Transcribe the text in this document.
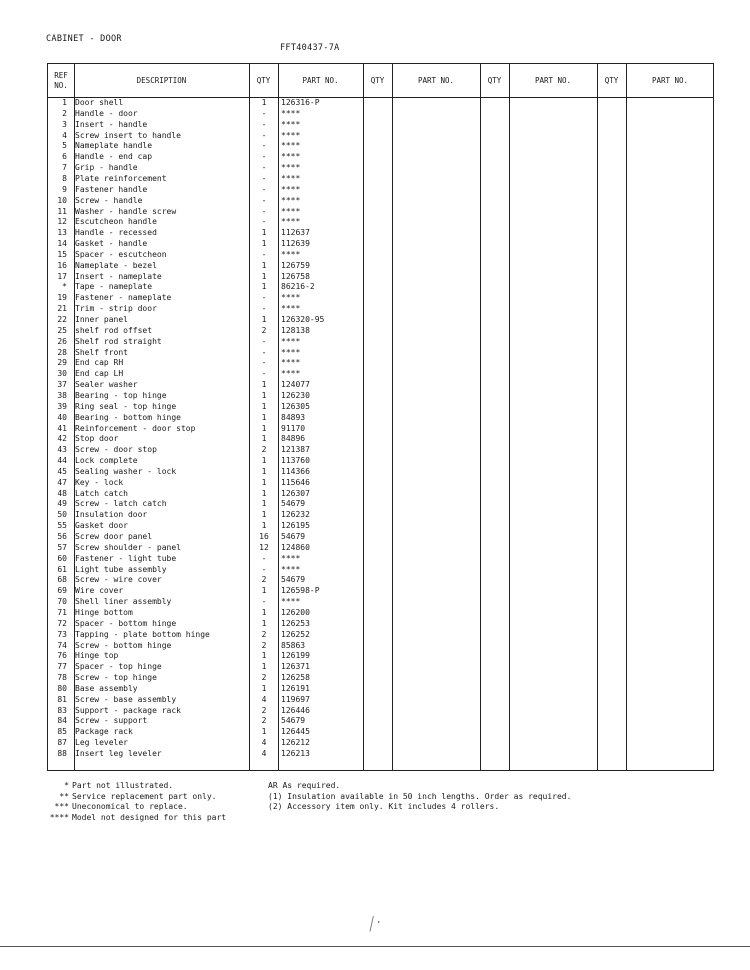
CABINET - DOOR
FFT40437-7A
REF NO.
DESCRIPTION	QTY	PART NO.	QTY	PART NO.	QTY	PART NO.	QTY	PART NO.
1 Door shell	1	126316-P
2 Handle - door	-	****
3 Insert - handle	-	****
4 Screw insert to handle	-	****
5 Nameplate handle	-	****
6 Handle - end cap	-	****
7 Grip - handle	-	****
8 Plate reinforcement	-	****
9 Fastener handle	-	****
10 Screw - handle	-	****
11 Washer - handle screw	-	****
12 Escutcheon handle	-	****
13 Handle - recessed	1	112637
14 Gasket - handle	1	112639
15 Spacer - escutcheon	-	****
16 Nameplate - bezel	1	126759
17 Insert - nameplate	1	126758
* Tape - nameplate	1	86216-2
19 Fastener - nameplate	-	****
21 Trim - strip door	-	****
22 Inner panel	1	126320-95
25 shelf rod offset	2	128138
26 Shelf rod straight	-	****
28 Shelf front	-	****
29 End cap RH	-	****
30 End cap LH	-	****
37 Sealer washer	1	124077
38 Bearing - top hinge	1	126230
39 Ring seal - top hinge	1	126305
40 Bearing - bottom hinge	1	84893
41 Reinforcement - door stop	1	91170
42 Stop door	1	84896
43 Screw - door stop	2	121387
44 Lock complete	1	113760
45 Sealing washer - lock	1	114366
47 Key - lock	1	115646
48 Latch catch	1	126307
49 Screw - latch catch	1	54679
50 Insulation door	1	126232
55 Gasket door	1	126195
56 Screw door panel	16	54679
57 Screw shoulder - panel	12	124860
60 Fastener - light tube	-	****
61 Light tube assembly	-	****
68 Screw - wire cover	2	54679
69 Wire cover	1	126598-P
70 Shell liner assembly	-	****
71 Hinge bottom	1	126200
72 Spacer - bottom hinge	1	126253
73 Tapping - plate bottom hinge	2	126252
74 Screw - bottom hinge	2	85863
76 Hinge top	1	126199
77 Spacer - top hinge	1	126371
78 Screw - top hinge	2	126258
80 Base assembly	1	126191
81 Screw - base assembly	4	119697
83 Support - package rack	2	126446
84 Screw - support	2	54679
85 Package rack	1	126445
87 Leg leveler	4	126212
88 Insert leg leveler	4	126213
* Part not illustrated.
** Service replacement part only.
*** Uneconomical to replace.
**** Model not designed for this part
AR As required.
(1) Insulation available in 50 inch lengths. Order as required.
(2) Accessory item only. Kit includes 4 rollers.
╱·
